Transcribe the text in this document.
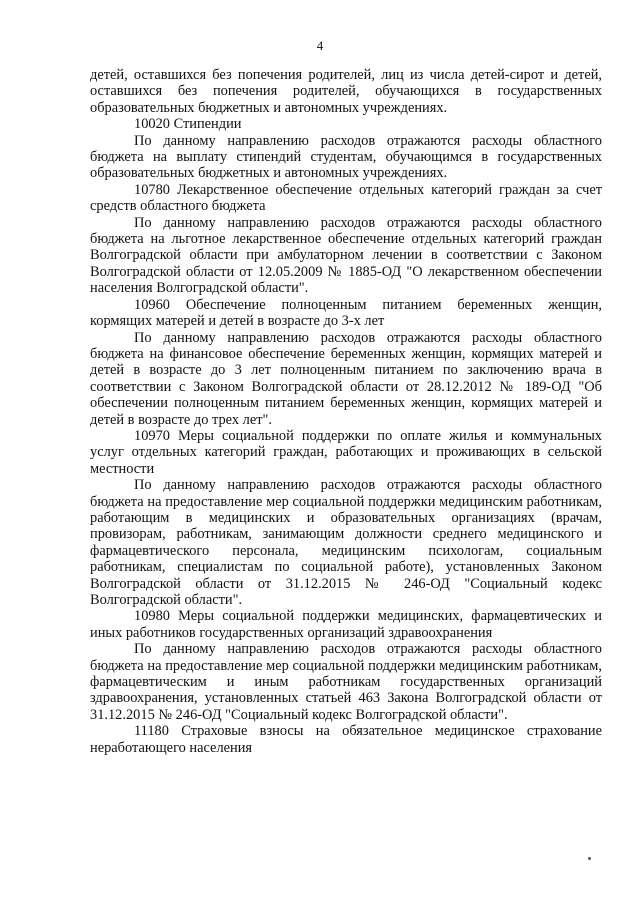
4

детей, оставшихся без попечения родителей, лиц из числа детей-сирот и детей, оставшихся без попечения родителей, обучающихся в государственных образовательных бюджетных и автономных учреждениях.

10020 Стипендии

По данному направлению расходов отражаются расходы областного бюджета на выплату стипендий студентам, обучающимся в государственных образовательных бюджетных и автономных учреждениях.

10780 Лекарственное обеспечение отдельных категорий граждан за счет средств областного бюджета

По данному направлению расходов отражаются расходы областного бюджета на льготное лекарственное обеспечение отдельных категорий граждан Волгоградской области при амбулаторном лечении в соответствии с Законом Волгоградской области от 12.05.2009 № 1885-ОД "О лекарственном обеспечении населения Волгоградской области".

10960 Обеспечение полноценным питанием беременных женщин, кормящих матерей и детей в возрасте до 3-х лет

По данному направлению расходов отражаются расходы областного бюджета на финансовое обеспечение беременных женщин, кормящих матерей и детей в возрасте до 3 лет полноценным питанием по заключению врача в соответствии с Законом Волгоградской области от 28.12.2012 № 189-ОД "Об обеспечении полноценным питанием беременных женщин, кормящих матерей и детей в возрасте до трех лет".

10970 Меры социальной поддержки по оплате жилья и коммунальных услуг отдельных категорий граждан, работающих и проживающих в сельской местности

По данному направлению расходов отражаются расходы областного бюджета на предоставление мер социальной поддержки медицинским работникам, работающим в медицинских и образовательных организациях (врачам, провизорам, работникам, занимающим должности среднего медицинского и фармацевтического персонала, медицинским психологам, социальным работникам, специалистам по социальной работе), установленных Законом Волгоградской области от 31.12.2015 № 246-ОД "Социальный кодекс Волгоградской области".

10980 Меры социальной поддержки медицинских, фармацевтических и иных работников государственных организаций здравоохранения

По данному направлению расходов отражаются расходы областного бюджета на предоставление мер социальной поддержки медицинским работникам, фармацевтическим и иным работникам государственных организаций здравоохранения, установленных статьей 463 Закона Волгоградской области от 31.12.2015 № 246-ОД "Социальный кодекс Волгоградской области".

11180 Страховые взносы на обязательное медицинское страхование неработающего населения
